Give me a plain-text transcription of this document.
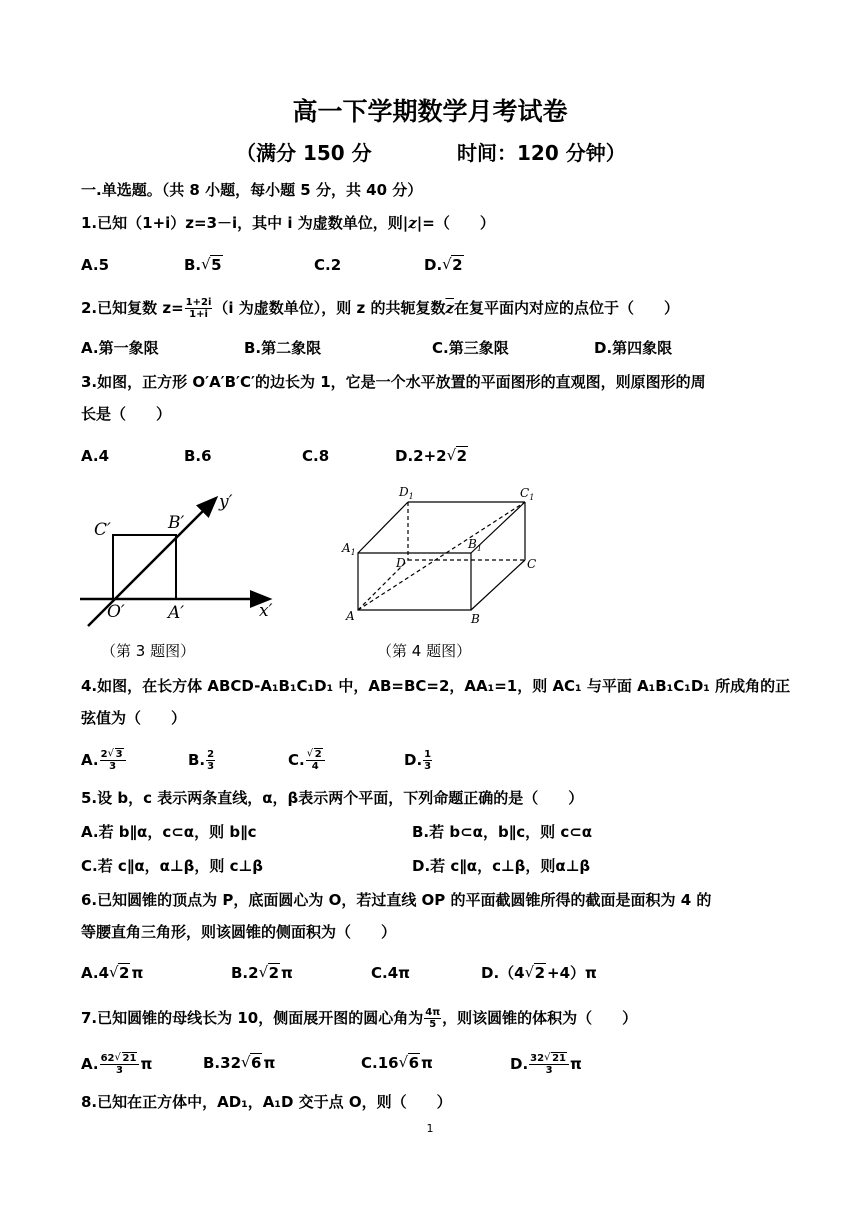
高一下学期数学月考试卷
（满分 150 分	时间：120 分钟）
一.单选题。（共 8 小题，每小题 5 分，共 40 分）
1.已知（1+i）z=3－i，其中 i 为虚数单位，则|z|=（　　）
A.5	B. √ 5	C.2	D. √ 2
2.已知复数 $z= \frac{1+2i}{1+i} (i$ 为虚数单位），则 z 的共轭复数$\overline{z}$在复平面内对应的点位于（　　）
A.第一象限	B.第二象限	C.第三象限	D.第四象限
3.如图，正方形 O′A′B′C′的边长为 1，它是一个水平放置的平面图形的直观图，则原图形的周
长是（　　）
A.4	B.6	C.8	D.2+2 √ 2
y′
x′
C′	B′
O′	A′
（第 3 题图）
$D_1$	$C_1$
$A_1$
$B_1$
D	C
A	B
（第 4 题图）
4.如图，在长方体 ABCD-A₁B₁C₁D₁ 中，AB=BC=2，AA₁=1，则 AC₁ 与平面 A₁B₁C₁D₁ 所成角的正
弦值为（　　）
A. $\frac{2 √ 3}{3}$	B. $\frac{2}{3}$	C. √ $\frac{2}{4}$	D. $\frac{1}{3}$
5.设 b，c 表示两条直线，α，β表示两个平面，下列命题正确的是（　　）
A.若 b∥α，c⊂α，则 b∥c	B.若 b⊂α，b∥c，则 c⊂α
C.若 c∥α，α⊥β，则 c⊥β	D.若 c∥α，c⊥β，则α⊥β
6.已知圆锥的顶点为 P，底面圆心为 O，若过直线 OP 的平面截圆锥所得的截面是面积为 4 的
等腰直角三角形，则该圆锥的侧面积为（　　）
A.4 √ 2 π	B.2 √ 2 π	C.4π	D.（4 √ 2 +4）π
7.已知圆锥的母线长为 10，侧面展开图的圆心角为 $\frac{4\pi}{5}$ ，则该圆锥的体积为（　　）
A. $\frac{62 √ 21}{3}$ π	B.32 √ 6 π	C.16 √ 6 π	D. $\frac{32 √ 21}{3}$ π
8.已知在正方体中，AD₁，A₁D 交于点 O，则（　　）
1
